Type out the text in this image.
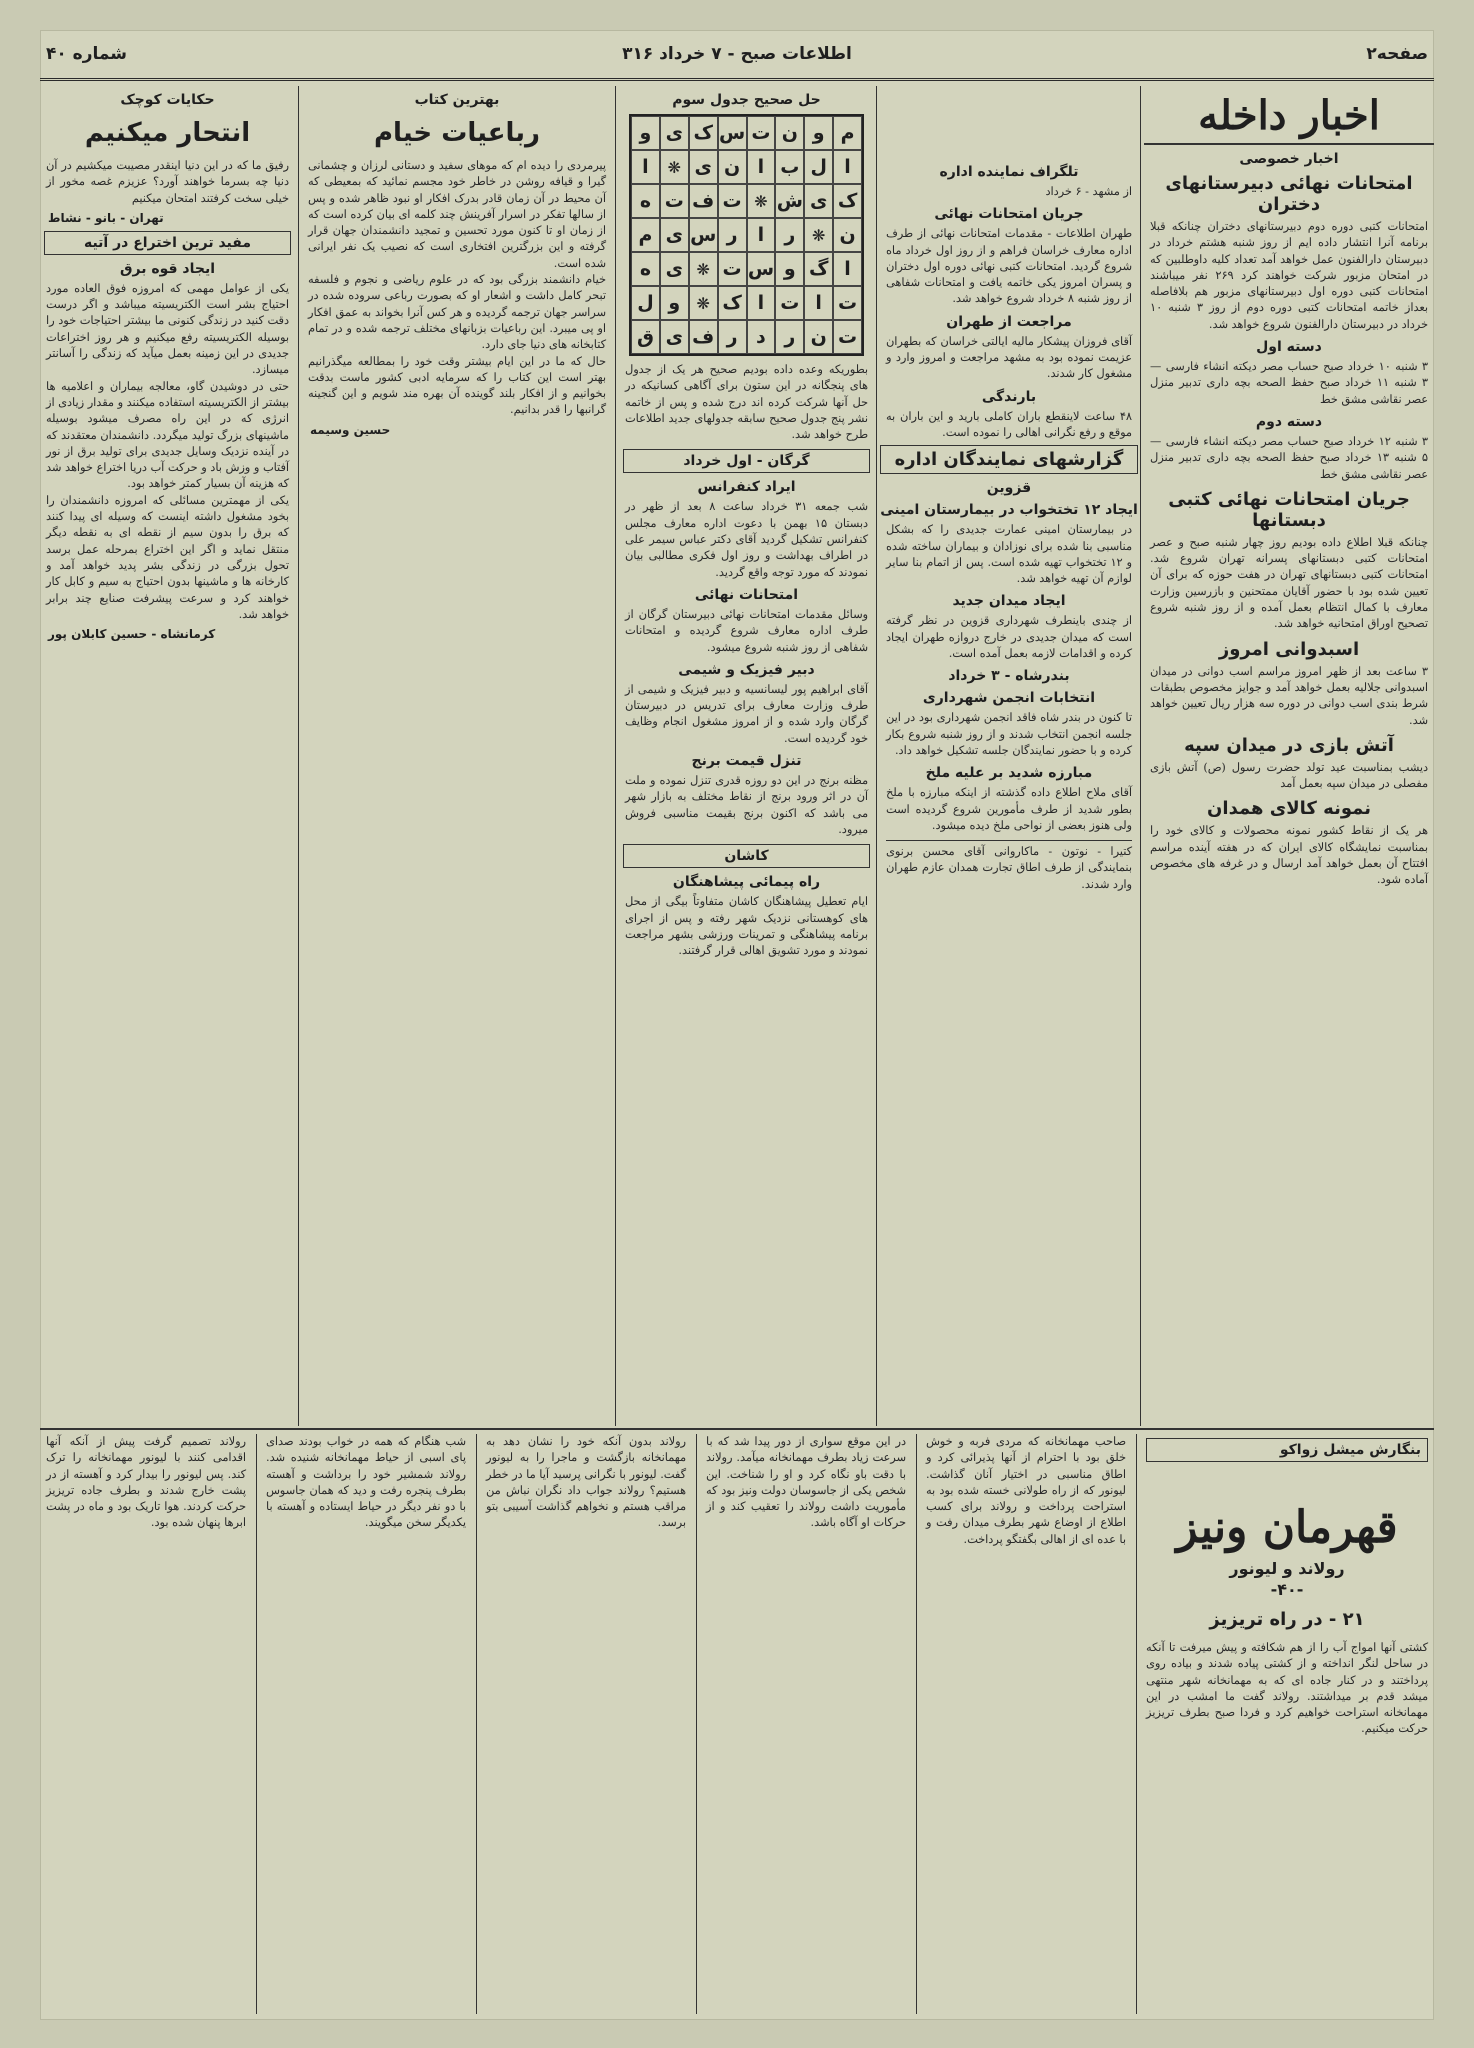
صفحه۲
اطلاعات صبح - ۷ خرداد ۳۱۶
شماره ۴۰
اخبار داخله
اخبار خصوصی
امتحانات نهائی دبیرستانهای دختران
امتحانات کتبی دوره دوم دبیرستانهای دختران چنانکه قبلا برنامه آنرا انتشار داده ایم از روز شنبه هشتم خرداد در دبیرستان دارالفنون عمل خواهد آمد تعداد کلیه داوطلبین که در امتحان مزبور شرکت خواهند کرد ۲۶۹ نفر میباشند امتحانات کتبی دوره اول دبیرستانهای مزبور هم بلافاصله بعداز خاتمه امتحانات کتبی دوره دوم از روز ۳ شنبه ۱۰ خرداد در دبیرستان دارالفنون شروع خواهد شد.
دسته اول
۳ شنبه ۱۰ خرداد صبح حساب مصر دیکته انشاء فارسی — ۳ شنبه ۱۱ خرداد صبح حفظ الصحه بچه داری تدبیر منزل عصر نقاشی مشق خط
دسته دوم
۳ شنبه ۱۲ خرداد صبح حساب مصر دیکته انشاء فارسی — ۵ شنبه ۱۳ خرداد صبح حفظ الصحه بچه داری تدبیر منزل عصر نقاشی مشق خط
جریان امتحانات نهائی کتبی دبستانها
چنانکه قبلا اطلاع داده بودیم روز چهار شنبه صبح و عصر امتحانات کتبی دبستانهای پسرانه تهران شروع شد. امتحانات کتبی دبستانهای تهران در هفت حوزه که برای آن تعیین شده بود با حضور آقایان ممتحنین و بازرسین وزارت معارف با کمال انتظام بعمل آمده و از روز شنبه شروع تصحیح اوراق امتحانیه خواهد شد.
اسبدوانی امروز
۳ ساعت بعد از ظهر امروز مراسم اسب دوانی در میدان اسبدوانی جلالیه بعمل خواهد آمد و جوایز مخصوص بطبقات شرط بندی اسب دوانی در دوره سه هزار ریال تعیین خواهد شد.
آتش بازی در میدان سپه
دیشب بمناسبت عید تولد حضرت رسول (ص) آتش بازی مفصلی در میدان سپه بعمل آمد
نمونه کالای همدان
هر یک از نقاط کشور نمونه محصولات و کالای خود را بمناسبت نمایشگاه کالای ایران که در هفته آینده مراسم افتتاح آن بعمل خواهد آمد ارسال و در غرفه های مخصوص آماده شود.
تلگراف نماینده اداره
از مشهد - ۶ خرداد
جریان امتحانات نهائی
طهران اطلاعات - مقدمات امتحانات نهائی از طرف اداره معارف خراسان فراهم و از روز اول خرداد ماه شروع گردید. امتحانات کتبی نهائی دوره اول دختران و پسران امروز یکی خاتمه یافت و امتحانات شفاهی از روز شنبه ۸ خرداد شروع خواهد شد.
مراجعت از طهران
آقای فروزان پیشکار مالیه ایالتی خراسان که بطهران عزیمت نموده بود به مشهد مراجعت و امروز وارد و مشغول کار شدند.
بارندگی
۴۸ ساعت لاینقطع باران کاملی بارید و این باران به موقع و رفع نگرانی اهالی را نموده است.
گزارشهای نمایندگان اداره
قزوین
ایجاد ۱۲ تختخواب در بیمارستان امینی
در بیمارستان امینی عمارت جدیدی را که بشکل مناسبی بنا شده برای نوزادان و بیماران ساخته شده و ۱۲ تختخواب تهیه شده است. پس از اتمام بنا سایر لوازم آن تهیه خواهد شد.
ایجاد میدان جدید
از چندی باینطرف شهرداری قزوین در نظر گرفته است که میدان جدیدی در خارج دروازه طهران ایجاد کرده و اقدامات لازمه بعمل آمده است.
بندرشاه - ۳ خرداد
انتخابات انجمن شهرداری
تا کنون در بندر شاه فاقد انجمن شهرداری بود در این جلسه انجمن انتخاب شدند و از روز شنبه شروع بکار کرده و با حضور نمایندگان جلسه تشکیل خواهد داد.
مبارزه شدید بر علیه ملخ
آقای ملاح اطلاع داده گذشته از اینکه مبارزه با ملخ بطور شدید از طرف مأمورین شروع گردیده است ولی هنوز بعضی از نواحی ملخ دیده میشود.
کتیرا - نوتون - ماکاروانی آقای محسن برنوی بنمایندگی از طرف اطاق تجارت همدان عازم طهران وارد شدند.
حل صحیح جدول سوم
و ی ک س ت ن و م
ا	❋ ی ن ا ب ل ا
ه ت ف ت ❋ ش ی ک
م ی س ر	ا	ر	❋ ن
ه ی ❋ ت س و گ ا
ل و	❋ ک ا ت ا ت
ق ی ف ر د ر ن ت
بطوریکه وعده داده بودیم صحیح هر یک از جدول های پنجگانه در این ستون برای آگاهی کسانیکه در حل آنها شرکت کرده اند درج شده و پس از خاتمه نشر پنج جدول صحیح سابقه جدولهای جدید اطلاعات طرح خواهد شد.
گرگان - اول خرداد
ایراد کنفرانس
شب جمعه ۳۱ خرداد ساعت ۸ بعد از ظهر در دبستان ۱۵ بهمن با دعوت اداره معارف مجلس کنفرانس تشکیل گردید آقای دکتر عباس سیمر علی در اطراف بهداشت و روز اول فکری مطالبی بیان نمودند که مورد توجه واقع گردید.
امتحانات نهائی
وسائل مقدمات امتحانات نهائی دبیرستان گرگان از طرف اداره معارف شروع گردیده و امتحانات شفاهی از روز شنبه شروع میشود.
دبیر فیزیک و شیمی
آقای ابراهیم پور لیسانسیه و دبیر فیزیک و شیمی از طرف وزارت معارف برای تدریس در دبیرستان گرگان وارد شده و از امروز مشغول انجام وظایف خود گردیده است.
تنزل قیمت برنج
مظنه برنج در این دو روزه قدری تنزل نموده و ملت آن در اثر ورود برنج از نقاط مختلف به بازار شهر می باشد که اکنون برنج بقیمت مناسبی فروش میرود.
کاشان
راه پیمائی پیشاهنگان
ایام تعطیل پیشاهنگان کاشان متفاوتاً بیگی از محل های کوهستانی نزدیک شهر رفته و پس از اجرای برنامه پیشاهنگی و تمرینات ورزشی بشهر مراجعت نمودند و مورد تشویق اهالی قرار گرفتند.
بهترین کتاب
رباعیات خیام
پیرمردی را دیده ام که موهای سفید و دستانی لرزان و چشمانی گیرا و قیافه روشن در خاطر خود مجسم نمائید که بمعیطی که آن محیط در آن زمان قادر بدرک افکار او نبود ظاهر شده و پس از سالها تفکر در اسرار آفرینش چند کلمه ای بیان کرده است که از زمان او تا کنون مورد تحسین و تمجید دانشمندان جهان قرار گرفته و این بزرگترین افتخاری است که نصیب یک نفر ایرانی شده است.
خیام دانشمند بزرگی بود که در علوم ریاضی و نجوم و فلسفه تبحر کامل داشت و اشعار او که بصورت رباعی سروده شده در سراسر جهان ترجمه گردیده و هر کس آنرا بخواند به عمق افکار او پی میبرد. این رباعیات بزبانهای مختلف ترجمه شده و در تمام کتابخانه های دنیا جای دارد.
حال که ما در این ایام بیشتر وقت خود را بمطالعه میگذرانیم بهتر است این کتاب را که سرمایه ادبی کشور ماست بدقت بخوانیم و از افکار بلند گوینده آن بهره مند شویم و این گنجینه گرانبها را قدر بدانیم.
حسین وسیمه
حکایات کوچک
انتحار میکنیم
رفیق ما که در این دنیا اینقدر مصیبت میکشیم در آن دنیا چه بسرما خواهند آورد؟ عزیزم غصه مخور از خیلی سخت کرفتند امتحان میکنیم
تهران - بانو - نشاط
مفید ترین اختراع در آتیه
ایجاد قوه برق
یکی از عوامل مهمی که امروزه فوق العاده مورد احتیاج بشر است الکتریسیته میباشد و اگر درست دقت کنید در زندگی کنونی ما بیشتر احتیاجات خود را بوسیله الکتریسیته رفع میکنیم و هر روز اختراعات جدیدی در این زمینه بعمل میآید که زندگی را آسانتر میسازد.
حتی در دوشیدن گاو، معالجه بیماران و اعلامیه ها بیشتر از الکتریسیته استفاده میکنند و مقدار زیادی از انرژی که در این راه مصرف میشود بوسیله ماشینهای بزرگ تولید میگردد. دانشمندان معتقدند که در آینده نزدیک وسایل جدیدی برای تولید برق از نور آفتاب و وزش باد و حرکت آب دریا اختراع خواهد شد که هزینه آن بسیار کمتر خواهد بود.
یکی از مهمترین مسائلی که امروزه دانشمندان را بخود مشغول داشته اینست که وسیله ای پیدا کنند که برق را بدون سیم از نقطه ای به نقطه دیگر منتقل نماید و اگر این اختراع بمرحله عمل برسد تحول بزرگی در زندگی بشر پدید خواهد آمد و کارخانه ها و ماشینها بدون احتیاج به سیم و کابل کار خواهند کرد و سرعت پیشرفت صنایع چند برابر خواهد شد.
کرمانشاه - حسین کابلان پور
بنگارش میشل زواکو
قهرمان ونیز
رولاند و لیونور
-۴۰-
۲۱ - در راه تریزیز
کشتی آنها امواج آب را از هم شکافته و پیش میرفت تا آنکه در ساحل لنگر انداخته و از کشتی پیاده شدند و بیاده روی پرداختند و در کنار جاده ای که به مهمانخانه شهر منتهی میشد قدم بر میداشتند. رولاند گفت ما امشب در این مهمانخانه استراحت خواهیم کرد و فردا صبح بطرف تریزیز حرکت میکنیم.
صاحب مهمانخانه که مردی فربه و خوش خلق بود با احترام از آنها پذیرائی کرد و اطاق مناسبی در اختیار آنان گذاشت. لیونور که از راه طولانی خسته شده بود به استراحت پرداخت و رولاند برای کسب اطلاع از اوضاع شهر بطرف میدان رفت و با عده ای از اهالی بگفتگو پرداخت.
در این موقع سواری از دور پیدا شد که با سرعت زیاد بطرف مهمانخانه میآمد. رولاند با دقت باو نگاه کرد و او را شناخت. این شخص یکی از جاسوسان دولت ونیز بود که مأموریت داشت رولاند را تعقیب کند و از حرکات او آگاه باشد.
رولاند بدون آنکه خود را نشان دهد به مهمانخانه بازگشت و ماجرا را به لیونور گفت. لیونور با نگرانی پرسید آیا ما در خطر هستیم؟ رولاند جواب داد نگران نباش من مراقب هستم و نخواهم گذاشت آسیبی بتو برسد.
شب هنگام که همه در خواب بودند صدای پای اسبی از حیاط مهمانخانه شنیده شد. رولاند شمشیر خود را برداشت و آهسته بطرف پنجره رفت و دید که همان جاسوس با دو نفر دیگر در حیاط ایستاده و آهسته با یکدیگر سخن میگویند.
رولاند تصمیم گرفت پیش از آنکه آنها اقدامی کنند با لیونور مهمانخانه را ترک کند. پس لیونور را بیدار کرد و آهسته از در پشت خارج شدند و بطرف جاده تریزیز حرکت کردند. هوا تاریک بود و ماه در پشت ابرها پنهان شده بود.
